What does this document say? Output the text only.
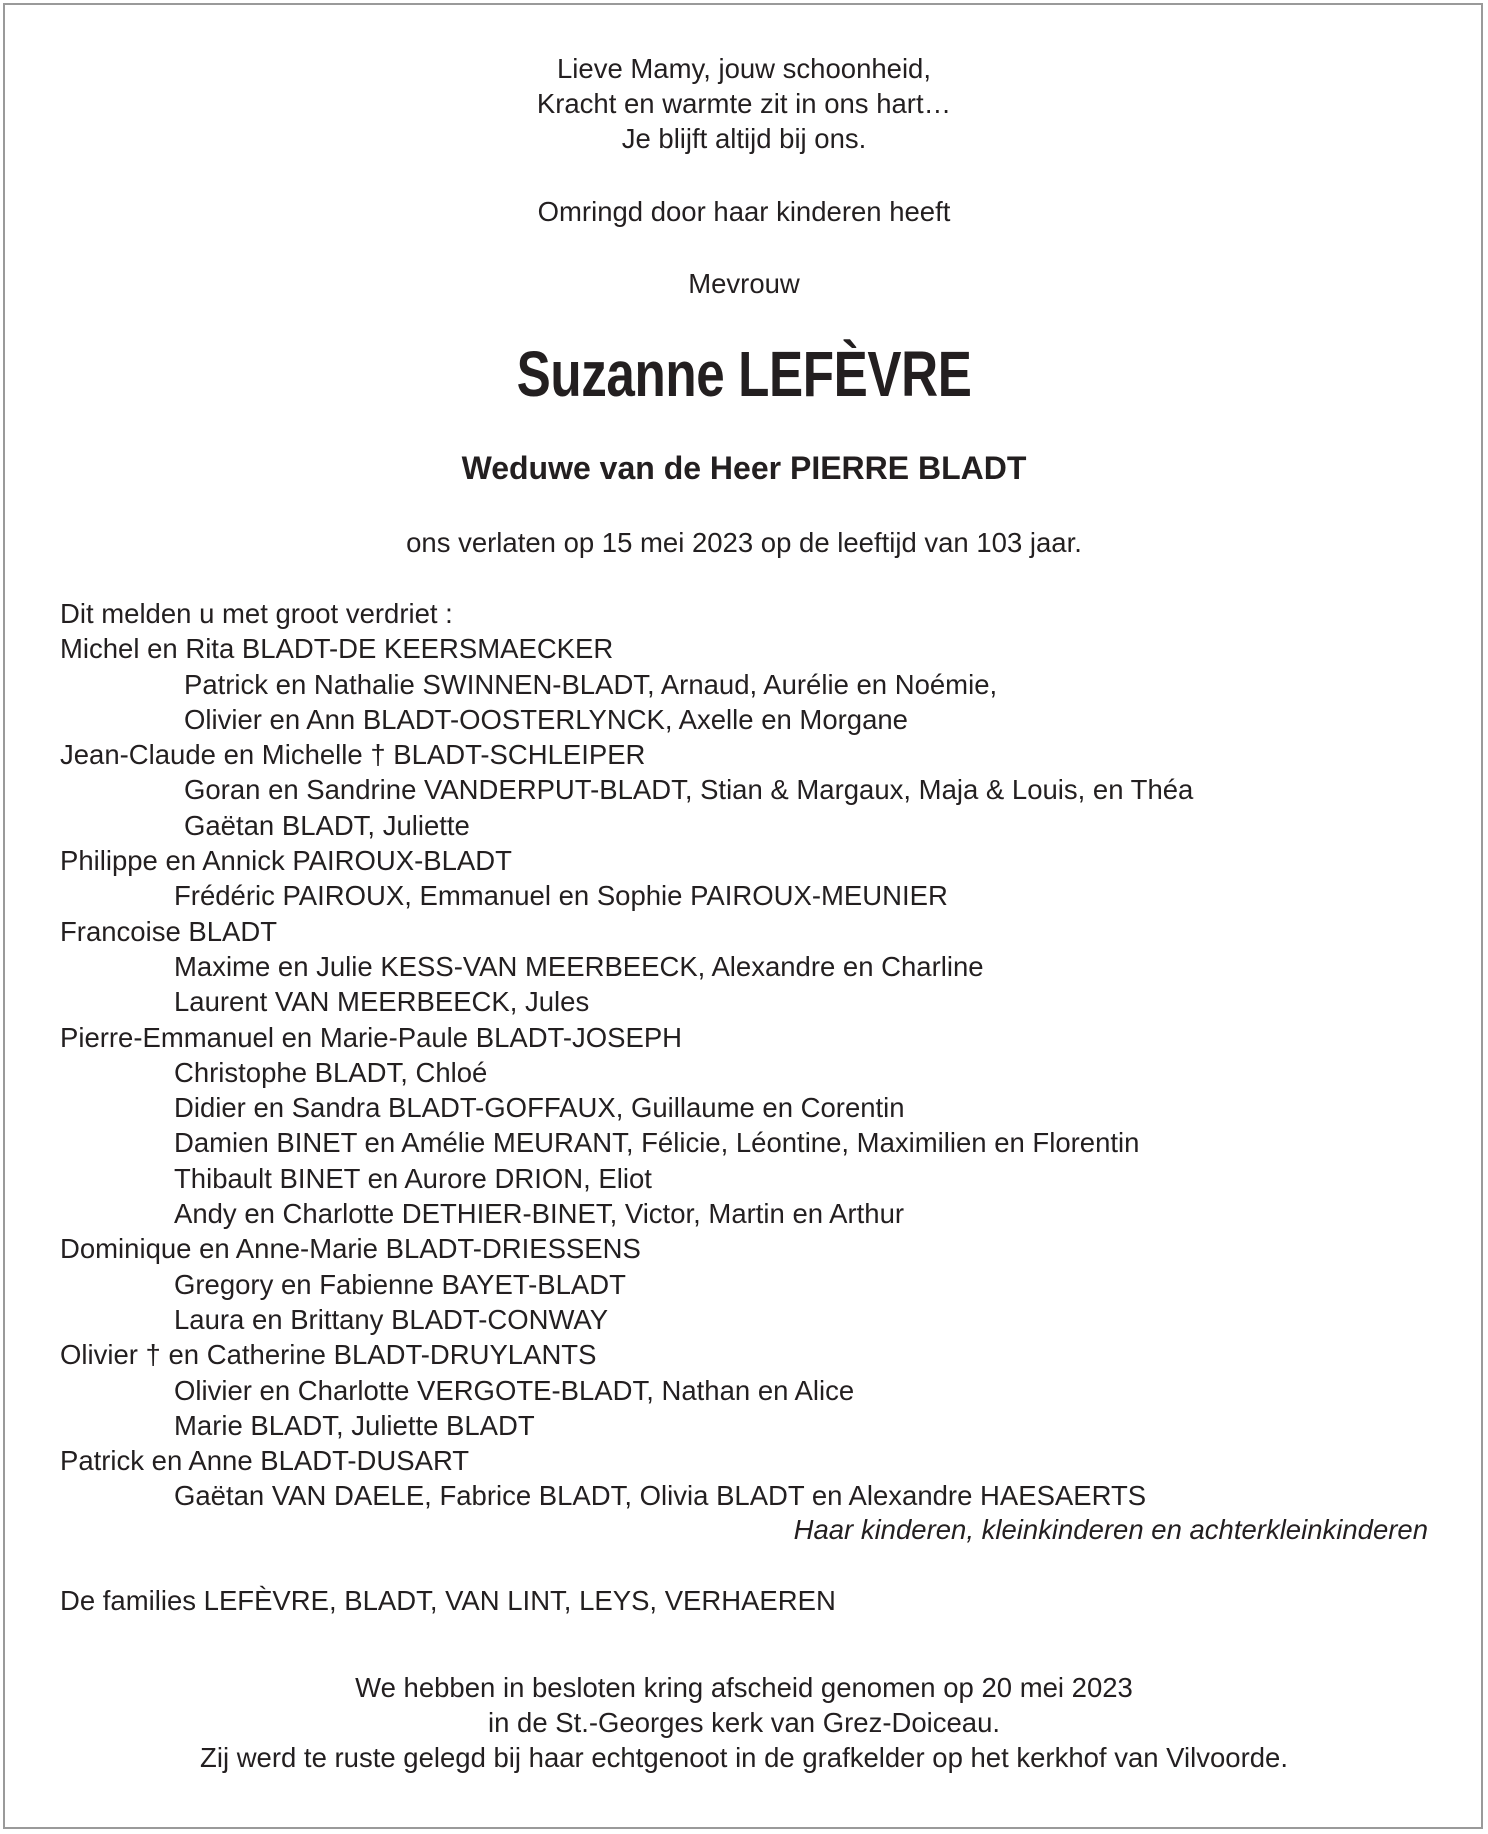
Lieve Mamy, jouw schoonheid,
Kracht en warmte zit in ons hart…
Je blijft altijd bij ons.
Omringd door haar kinderen heeft
Mevrouw
Suzanne LEFÈVRE
Weduwe van de Heer PIERRE BLADT
ons verlaten op 15 mei 2023 op de leeftijd van 103 jaar.
Dit melden u met groot verdriet :
Michel en Rita BLADT-DE KEERSMAECKER
Patrick en Nathalie SWINNEN-BLADT, Arnaud, Aurélie en Noémie,
Olivier en Ann BLADT-OOSTERLYNCK, Axelle en Morgane
Jean-Claude en Michelle † BLADT-SCHLEIPER
Goran en Sandrine VANDERPUT-BLADT, Stian & Margaux, Maja & Louis, en Théa
Gaëtan BLADT, Juliette
Philippe en Annick PAIROUX-BLADT
Frédéric PAIROUX, Emmanuel en Sophie PAIROUX-MEUNIER
Francoise BLADT
Maxime en Julie KESS-VAN MEERBEECK, Alexandre en Charline
Laurent VAN MEERBEECK, Jules
Pierre-Emmanuel en Marie-Paule BLADT-JOSEPH
Christophe BLADT, Chloé
Didier en Sandra BLADT-GOFFAUX, Guillaume en Corentin
Damien BINET en Amélie MEURANT, Félicie, Léontine, Maximilien en Florentin
Thibault BINET en Aurore DRION, Eliot
Andy en Charlotte DETHIER-BINET, Victor, Martin en Arthur
Dominique en Anne-Marie BLADT-DRIESSENS
Gregory en Fabienne BAYET-BLADT
Laura en Brittany BLADT-CONWAY
Olivier † en Catherine BLADT-DRUYLANTS
Olivier en Charlotte VERGOTE-BLADT, Nathan en Alice
Marie BLADT, Juliette BLADT
Patrick en Anne BLADT-DUSART
Gaëtan VAN DAELE, Fabrice BLADT, Olivia BLADT en Alexandre HAESAERTS
Haar kinderen, kleinkinderen en achterkleinkinderen
De families LEFÈVRE, BLADT, VAN LINT, LEYS, VERHAEREN
We hebben in besloten kring afscheid genomen op 20 mei 2023
in de St.-Georges kerk van Grez-Doiceau.
Zij werd te ruste gelegd bij haar echtgenoot in de grafkelder op het kerkhof van Vilvoorde.
